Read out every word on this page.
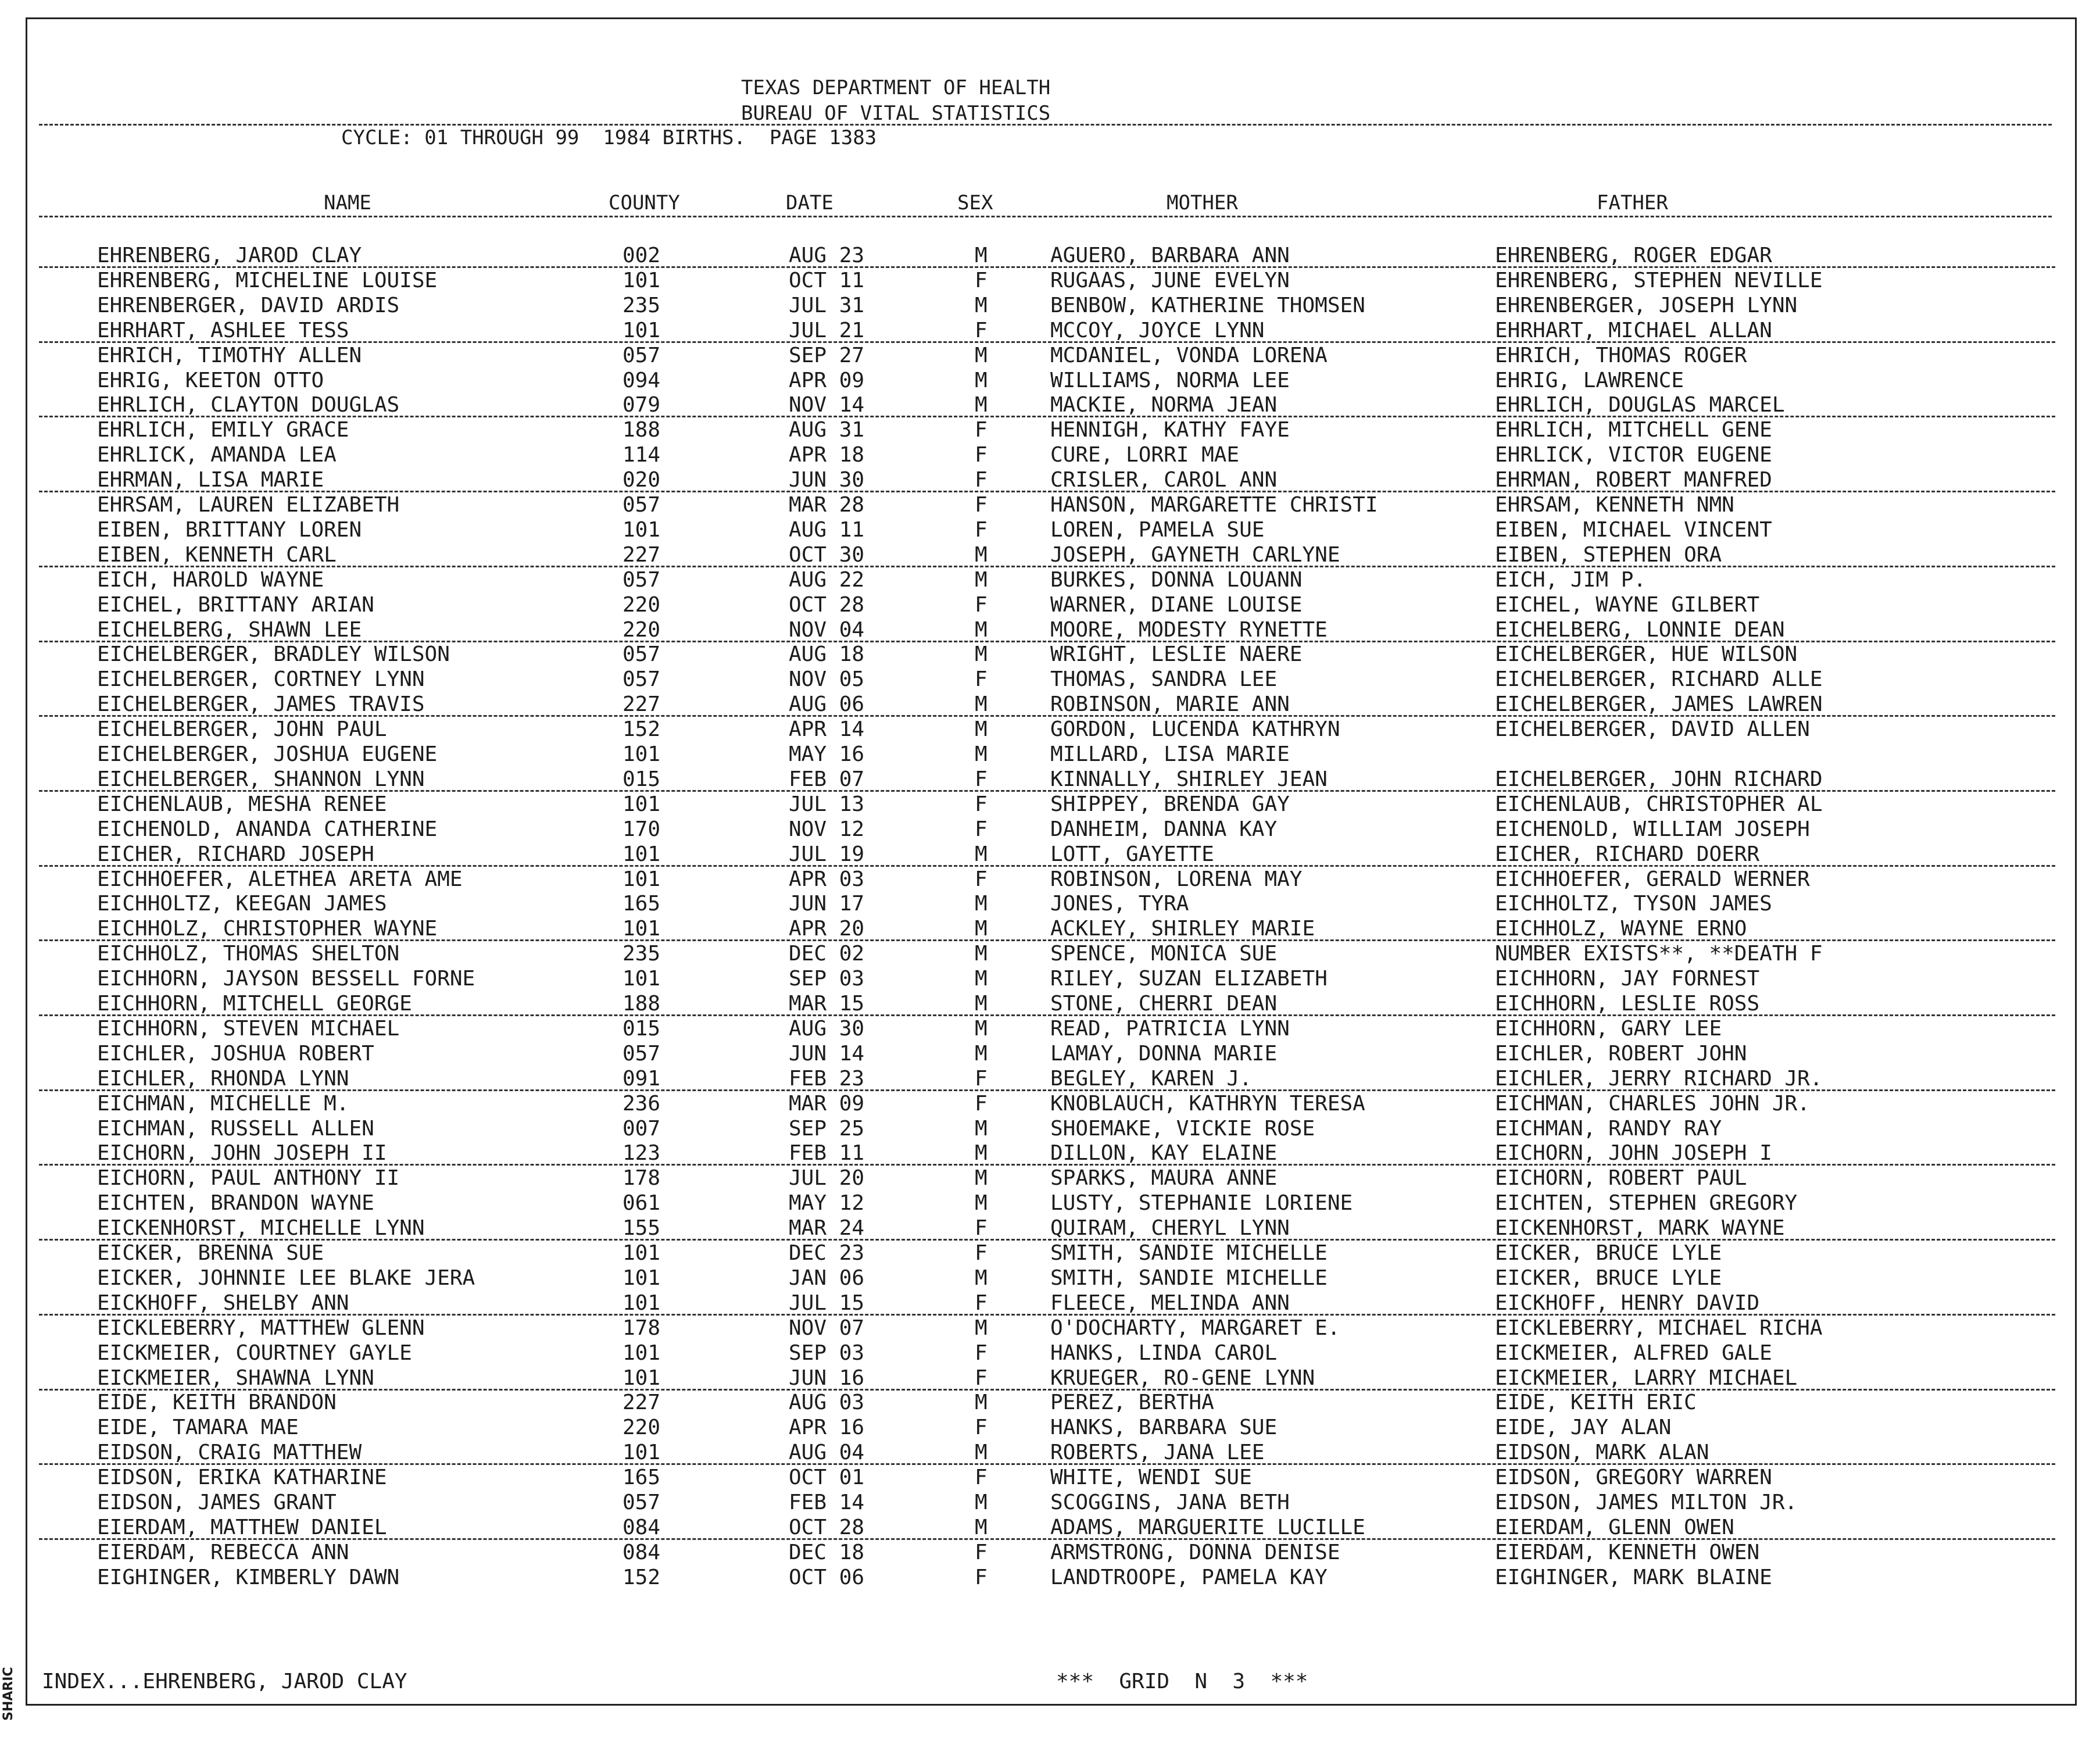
TEXAS DEPARTMENT OF HEALTH
BUREAU OF VITAL STATISTICS
CYCLE: 01 THROUGH 99  1984 BIRTHS.  PAGE 1383
NAME	COUNTY	DATE	SEX	MOTHER	FATHER
EHRENBERG, JAROD CLAY	002	AUG 23	M	AGUERO, BARBARA ANN	EHRENBERG, ROGER EDGAR
EHRENBERG, MICHELINE LOUISE	101	OCT 11	F	RUGAAS, JUNE EVELYN	EHRENBERG, STEPHEN NEVILLE
EHRENBERGER, DAVID ARDIS	235	JUL 31	M	BENBOW, KATHERINE THOMSEN	EHRENBERGER, JOSEPH LYNN
EHRHART, ASHLEE TESS	101	JUL 21	F	MCCOY, JOYCE LYNN	EHRHART, MICHAEL ALLAN
EHRICH, TIMOTHY ALLEN	057	SEP 27	M	MCDANIEL, VONDA LORENA	EHRICH, THOMAS ROGER
EHRIG, KEETON OTTO	094	APR 09	M	WILLIAMS, NORMA LEE	EHRIG, LAWRENCE
EHRLICH, CLAYTON DOUGLAS	079	NOV 14	M	MACKIE, NORMA JEAN	EHRLICH, DOUGLAS MARCEL
EHRLICH, EMILY GRACE	188	AUG 31	F	HENNIGH, KATHY FAYE	EHRLICH, MITCHELL GENE
EHRLICK, AMANDA LEA	114	APR 18	F	CURE, LORRI MAE	EHRLICK, VICTOR EUGENE
EHRMAN, LISA MARIE	020	JUN 30	F	CRISLER, CAROL ANN	EHRMAN, ROBERT MANFRED
EHRSAM, LAUREN ELIZABETH	057	MAR 28	F	HANSON, MARGARETTE CHRISTI	EHRSAM, KENNETH NMN
EIBEN, BRITTANY LOREN	101	AUG 11	F	LOREN, PAMELA SUE	EIBEN, MICHAEL VINCENT
EIBEN, KENNETH CARL	227	OCT 30	M	JOSEPH, GAYNETH CARLYNE	EIBEN, STEPHEN ORA
EICH, HAROLD WAYNE	057	AUG 22	M	BURKES, DONNA LOUANN	EICH, JIM P.
EICHEL, BRITTANY ARIAN	220	OCT 28	F	WARNER, DIANE LOUISE	EICHEL, WAYNE GILBERT
EICHELBERG, SHAWN LEE	220	NOV 04	M	MOORE, MODESTY RYNETTE	EICHELBERG, LONNIE DEAN
EICHELBERGER, BRADLEY WILSON	057	AUG 18	M	WRIGHT, LESLIE NAERE	EICHELBERGER, HUE WILSON
EICHELBERGER, CORTNEY LYNN	057	NOV 05	F	THOMAS, SANDRA LEE	EICHELBERGER, RICHARD ALLE
EICHELBERGER, JAMES TRAVIS	227	AUG 06	M	ROBINSON, MARIE ANN	EICHELBERGER, JAMES LAWREN
EICHELBERGER, JOHN PAUL	152	APR 14	M	GORDON, LUCENDA KATHRYN	EICHELBERGER, DAVID ALLEN
EICHELBERGER, JOSHUA EUGENE	101	MAY 16	M	MILLARD, LISA MARIE
EICHELBERGER, SHANNON LYNN	015	FEB 07	F	KINNALLY, SHIRLEY JEAN	EICHELBERGER, JOHN RICHARD
EICHENLAUB, MESHA RENEE	101	JUL 13	F	SHIPPEY, BRENDA GAY	EICHENLAUB, CHRISTOPHER AL
EICHENOLD, ANANDA CATHERINE	170	NOV 12	F	DANHEIM, DANNA KAY	EICHENOLD, WILLIAM JOSEPH
EICHER, RICHARD JOSEPH	101	JUL 19	M	LOTT, GAYETTE	EICHER, RICHARD DOERR
EICHHOEFER, ALETHEA ARETA AME	101	APR 03	F	ROBINSON, LORENA MAY	EICHHOEFER, GERALD WERNER
EICHHOLTZ, KEEGAN JAMES	165	JUN 17	M	JONES, TYRA	EICHHOLTZ, TYSON JAMES
EICHHOLZ, CHRISTOPHER WAYNE	101	APR 20	M	ACKLEY, SHIRLEY MARIE	EICHHOLZ, WAYNE ERNO
EICHHOLZ, THOMAS SHELTON	235	DEC 02	M	SPENCE, MONICA SUE	NUMBER EXISTS**, **DEATH F
EICHHORN, JAYSON BESSELL FORNE	101	SEP 03	M	RILEY, SUZAN ELIZABETH	EICHHORN, JAY FORNEST
EICHHORN, MITCHELL GEORGE	188	MAR 15	M	STONE, CHERRI DEAN	EICHHORN, LESLIE ROSS
EICHHORN, STEVEN MICHAEL	015	AUG 30	M	READ, PATRICIA LYNN	EICHHORN, GARY LEE
EICHLER, JOSHUA ROBERT	057	JUN 14	M	LAMAY, DONNA MARIE	EICHLER, ROBERT JOHN
EICHLER, RHONDA LYNN	091	FEB 23	F	BEGLEY, KAREN J.	EICHLER, JERRY RICHARD JR.
EICHMAN, MICHELLE M.	236	MAR 09	F	KNOBLAUCH, KATHRYN TERESA	EICHMAN, CHARLES JOHN JR.
EICHMAN, RUSSELL ALLEN	007	SEP 25	M	SHOEMAKE, VICKIE ROSE	EICHMAN, RANDY RAY
EICHORN, JOHN JOSEPH II	123	FEB 11	M	DILLON, KAY ELAINE	EICHORN, JOHN JOSEPH I
EICHORN, PAUL ANTHONY II	178	JUL 20	M	SPARKS, MAURA ANNE	EICHORN, ROBERT PAUL
EICHTEN, BRANDON WAYNE	061	MAY 12	M	LUSTY, STEPHANIE LORIENE	EICHTEN, STEPHEN GREGORY
EICKENHORST, MICHELLE LYNN	155	MAR 24	F	QUIRAM, CHERYL LYNN	EICKENHORST, MARK WAYNE
EICKER, BRENNA SUE	101	DEC 23	F	SMITH, SANDIE MICHELLE	EICKER, BRUCE LYLE
EICKER, JOHNNIE LEE BLAKE JERA	101	JAN 06	M	SMITH, SANDIE MICHELLE	EICKER, BRUCE LYLE
EICKHOFF, SHELBY ANN	101	JUL 15	F	FLEECE, MELINDA ANN	EICKHOFF, HENRY DAVID
EICKLEBERRY, MATTHEW GLENN	178	NOV 07	M	O'DOCHARTY, MARGARET E.	EICKLEBERRY, MICHAEL RICHA
EICKMEIER, COURTNEY GAYLE	101	SEP 03	F	HANKS, LINDA CAROL	EICKMEIER, ALFRED GALE
EICKMEIER, SHAWNA LYNN	101	JUN 16	F	KRUEGER, RO-GENE LYNN	EICKMEIER, LARRY MICHAEL
EIDE, KEITH BRANDON	227	AUG 03	M	PEREZ, BERTHA	EIDE, KEITH ERIC
EIDE, TAMARA MAE	220	APR 16	F	HANKS, BARBARA SUE	EIDE, JAY ALAN
EIDSON, CRAIG MATTHEW	101	AUG 04	M	ROBERTS, JANA LEE	EIDSON, MARK ALAN
EIDSON, ERIKA KATHARINE	165	OCT 01	F	WHITE, WENDI SUE	EIDSON, GREGORY WARREN
EIDSON, JAMES GRANT	057	FEB 14	M	SCOGGINS, JANA BETH	EIDSON, JAMES MILTON JR.
EIERDAM, MATTHEW DANIEL	084	OCT 28	M	ADAMS, MARGUERITE LUCILLE	EIERDAM, GLENN OWEN
EIERDAM, REBECCA ANN	084	DEC 18	F	ARMSTRONG, DONNA DENISE	EIERDAM, KENNETH OWEN
EIGHINGER, KIMBERLY DAWN	152	OCT 06	F	LANDTROOPE, PAMELA KAY	EIGHINGER, MARK BLAINE
INDEX...EHRENBERG, JAROD CLAY	***  GRID  N  3  ***
SHARIC
